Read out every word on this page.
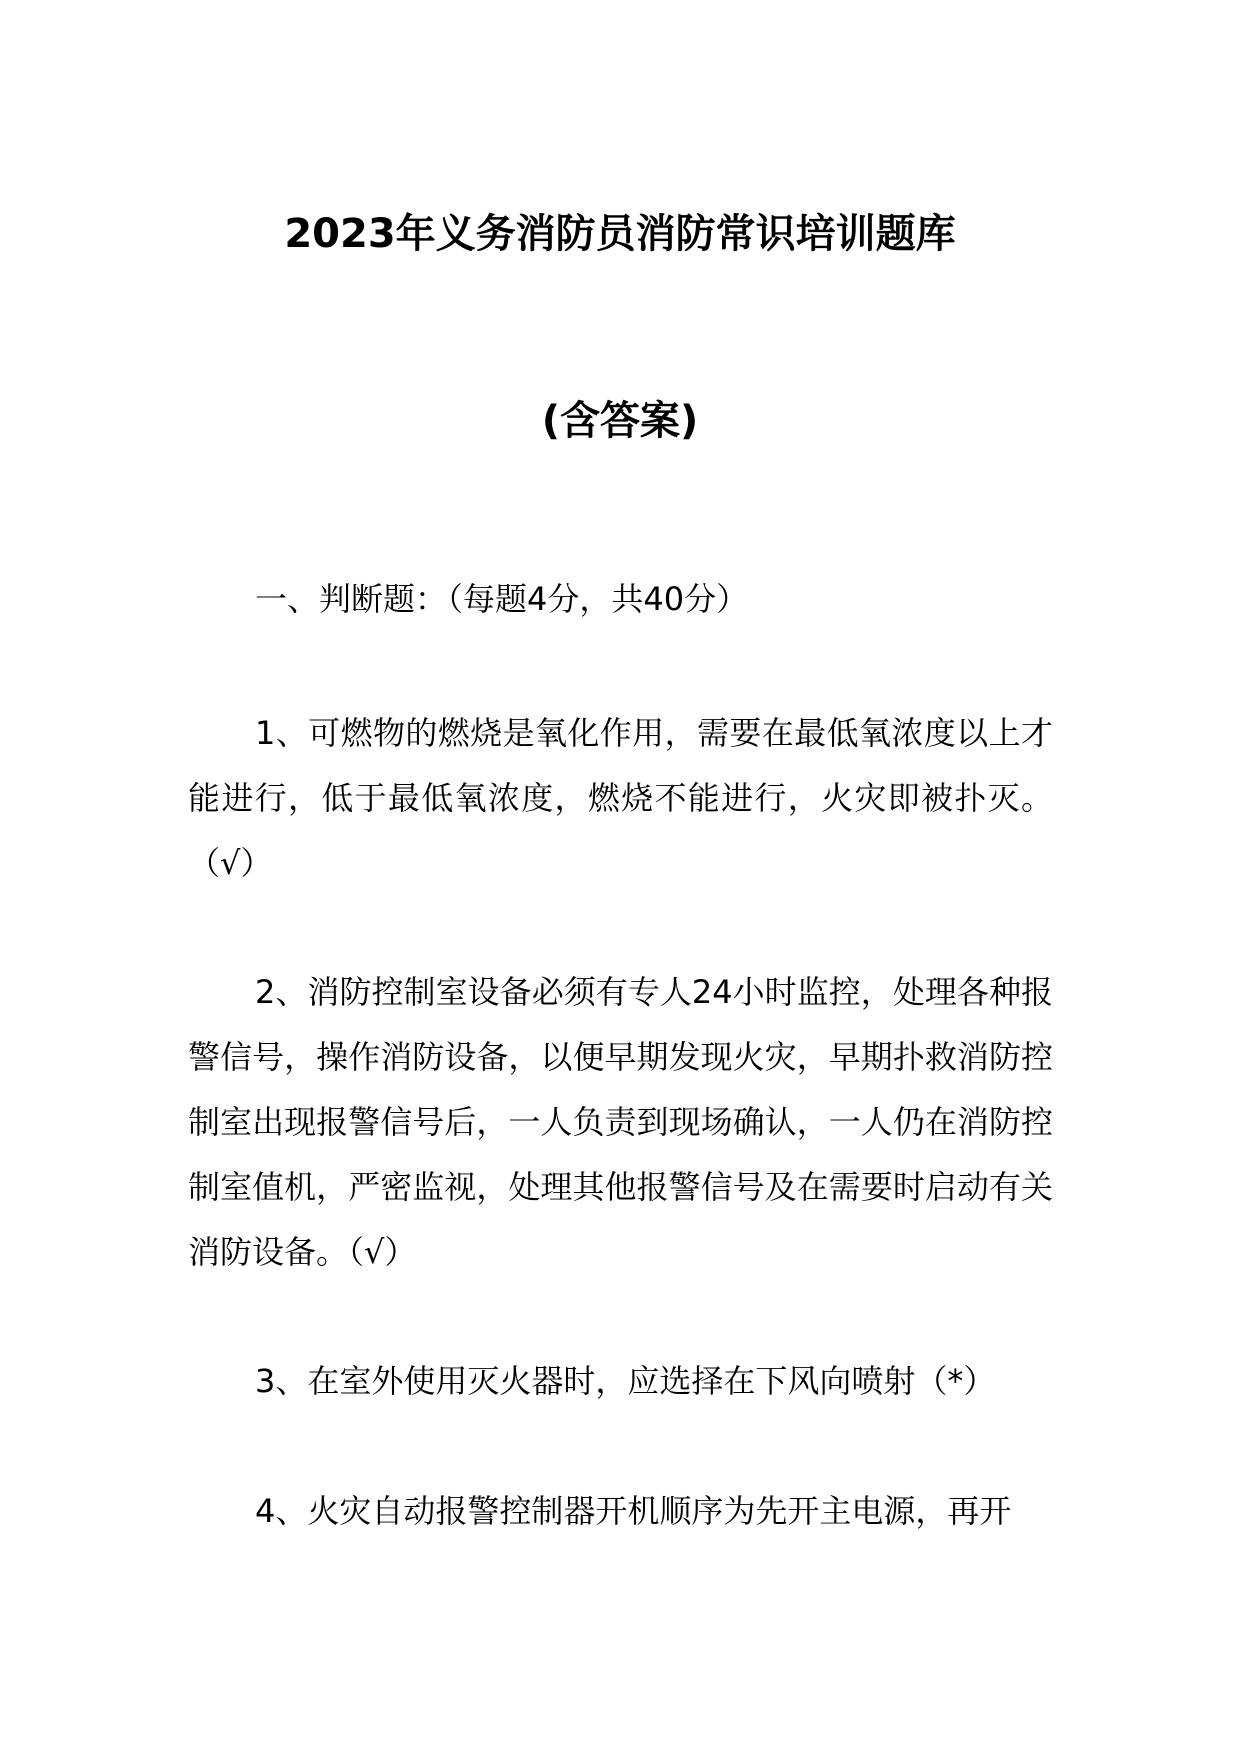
2023年义务消防员消防常识培训题库
(含答案)
一、判断题：（每题4分，共40分）
1、可燃物的燃烧是氧化作用，需要在最低氧浓度以上才能进行，低于最低氧浓度，燃烧不能进行，火灾即被扑灭。（√）
2、消防控制室设备必须有专人24小时监控，处理各种报警信号，操作消防设备，以便早期发现火灾，早期扑救消防控制室出现报警信号后，一人负责到现场确认，一人仍在消防控制室值机，严密监视，处理其他报警信号及在需要时启动有关消防设备。（√）
3、在室外使用灭火器时，应选择在下风向喷射（*）
4、火灾自动报警控制器开机顺序为先开主电源，再开
